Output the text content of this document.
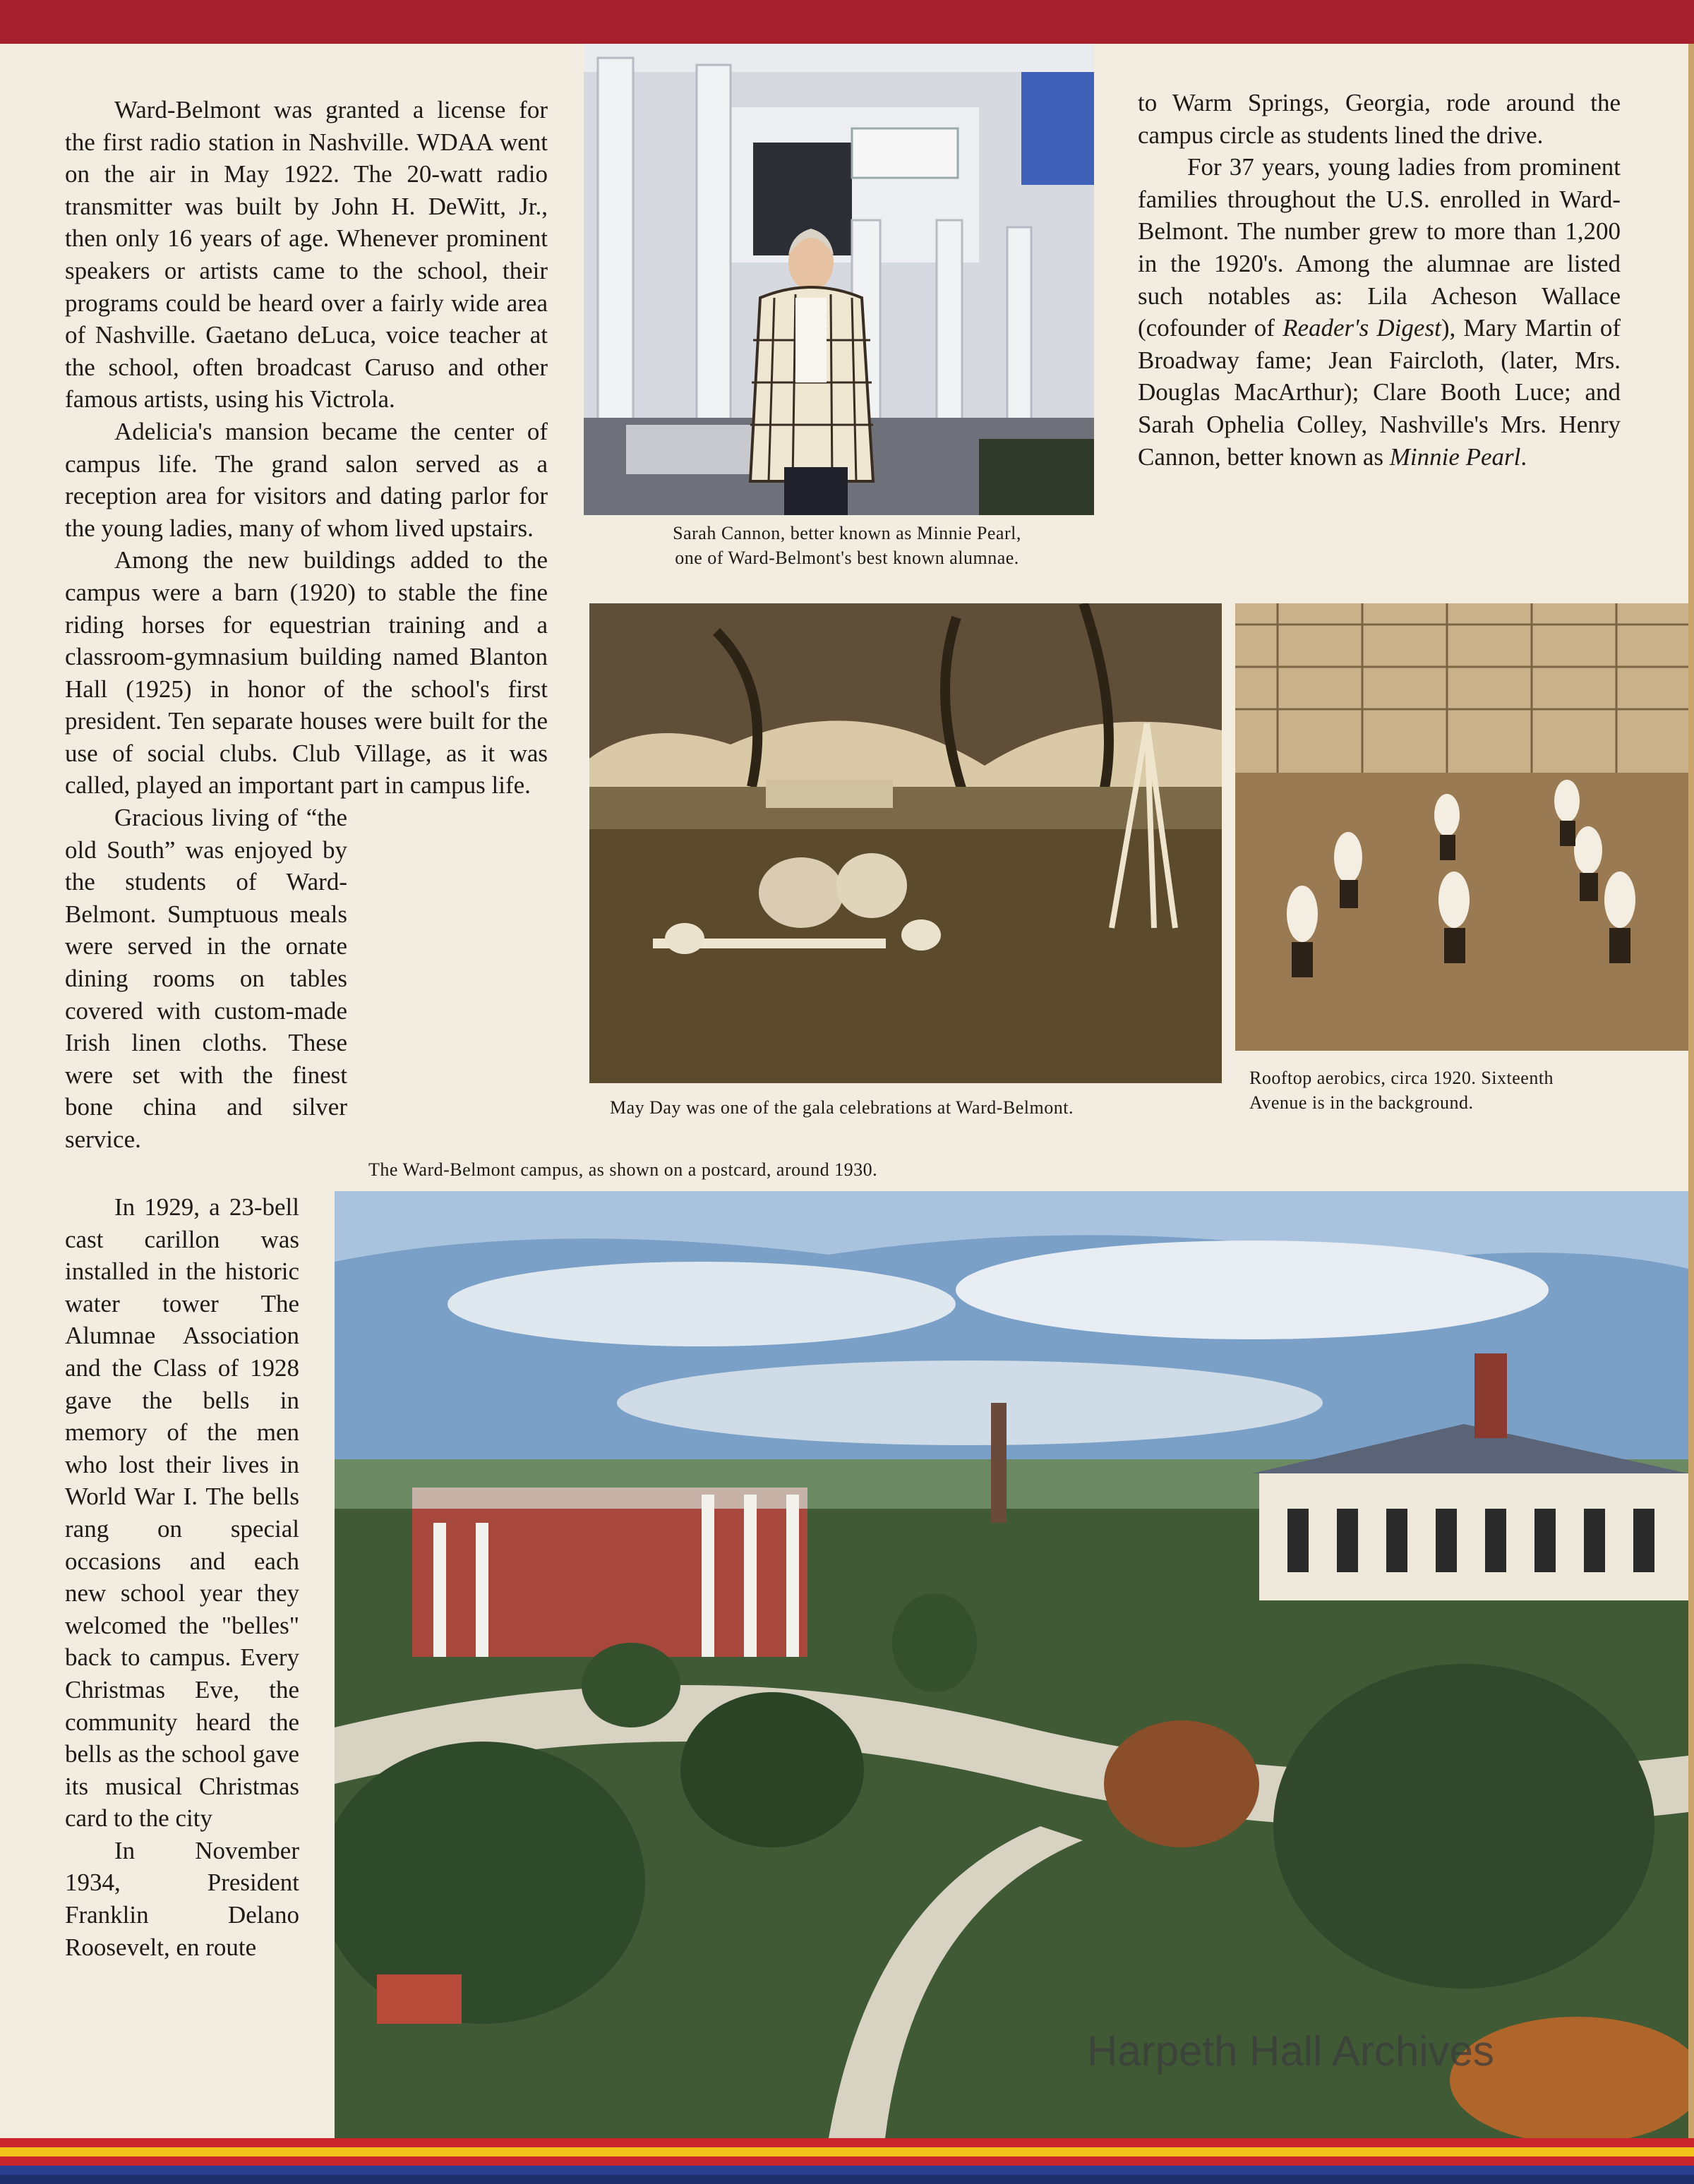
Ward-Belmont was granted a license for the first radio station in Nashville. WDAA went on the air in May 1922. The 20-watt radio transmitter was built by John H. DeWitt, Jr., then only 16 years of age. Whenever prominent speakers or artists came to the school, their programs could be heard over a fairly wide area of Nashville. Gaetano deLuca, voice teacher at the school, often broadcast Caruso and other famous artists, using his Victrola.

Adelicia's mansion became the center of campus life. The grand salon served as a reception area for visitors and dating parlor for the young ladies, many of whom lived upstairs.

Among the new buildings added to the campus were a barn (1920) to stable the fine riding horses for equestrian training and a classroom-gymnasium building named Blanton Hall (1925) in honor of the school's first president. Ten separate houses were built for the use of social clubs. Club Village, as it was called, played an important part in campus life.

Gracious living of “the old South” was enjoyed by the students of Ward-Belmont. Sumptuous meals were served in the ornate dining rooms on tables covered with custom-made Irish linen cloths. These were set with the finest bone china and silver service.

In 1929, a 23-bell cast carillon was installed in the historic water tower The Alumnae Association and the Class of 1928 gave the bells in memory of the men who lost their lives in World War I. The bells rang on special occasions and each new school year they welcomed the "belles" back to campus. Every Christmas Eve, the community heard the bells as the school gave its musical Christmas card to the city

In November 1934, President Franklin Delano Roosevelt, en route

to Warm Springs, Georgia, rode around the campus circle as students lined the drive.

For 37 years, young ladies from prominent families throughout the U.S. enrolled in Ward-Belmont. The number grew to more than 1,200 in the 1920's. Among the alumnae are listed such notables as: Lila Acheson Wallace (cofounder of Reader's Digest), Mary Martin of Broadway fame; Jean Faircloth, (later, Mrs. Douglas MacArthur); Clare Booth Luce; and Sarah Ophelia Colley, Nashville's Mrs. Henry Cannon, better known as Minnie Pearl.

Sarah Cannon, better known as Minnie Pearl,
one of Ward-Belmont's best known alumnae.
May Day was one of the gala celebrations at Ward-Belmont.
Rooftop aerobics, circa 1920. Sixteenth
Avenue is in the background.
The Ward-Belmont campus, as shown on a postcard, around 1930.
Harpeth Hall Archives
